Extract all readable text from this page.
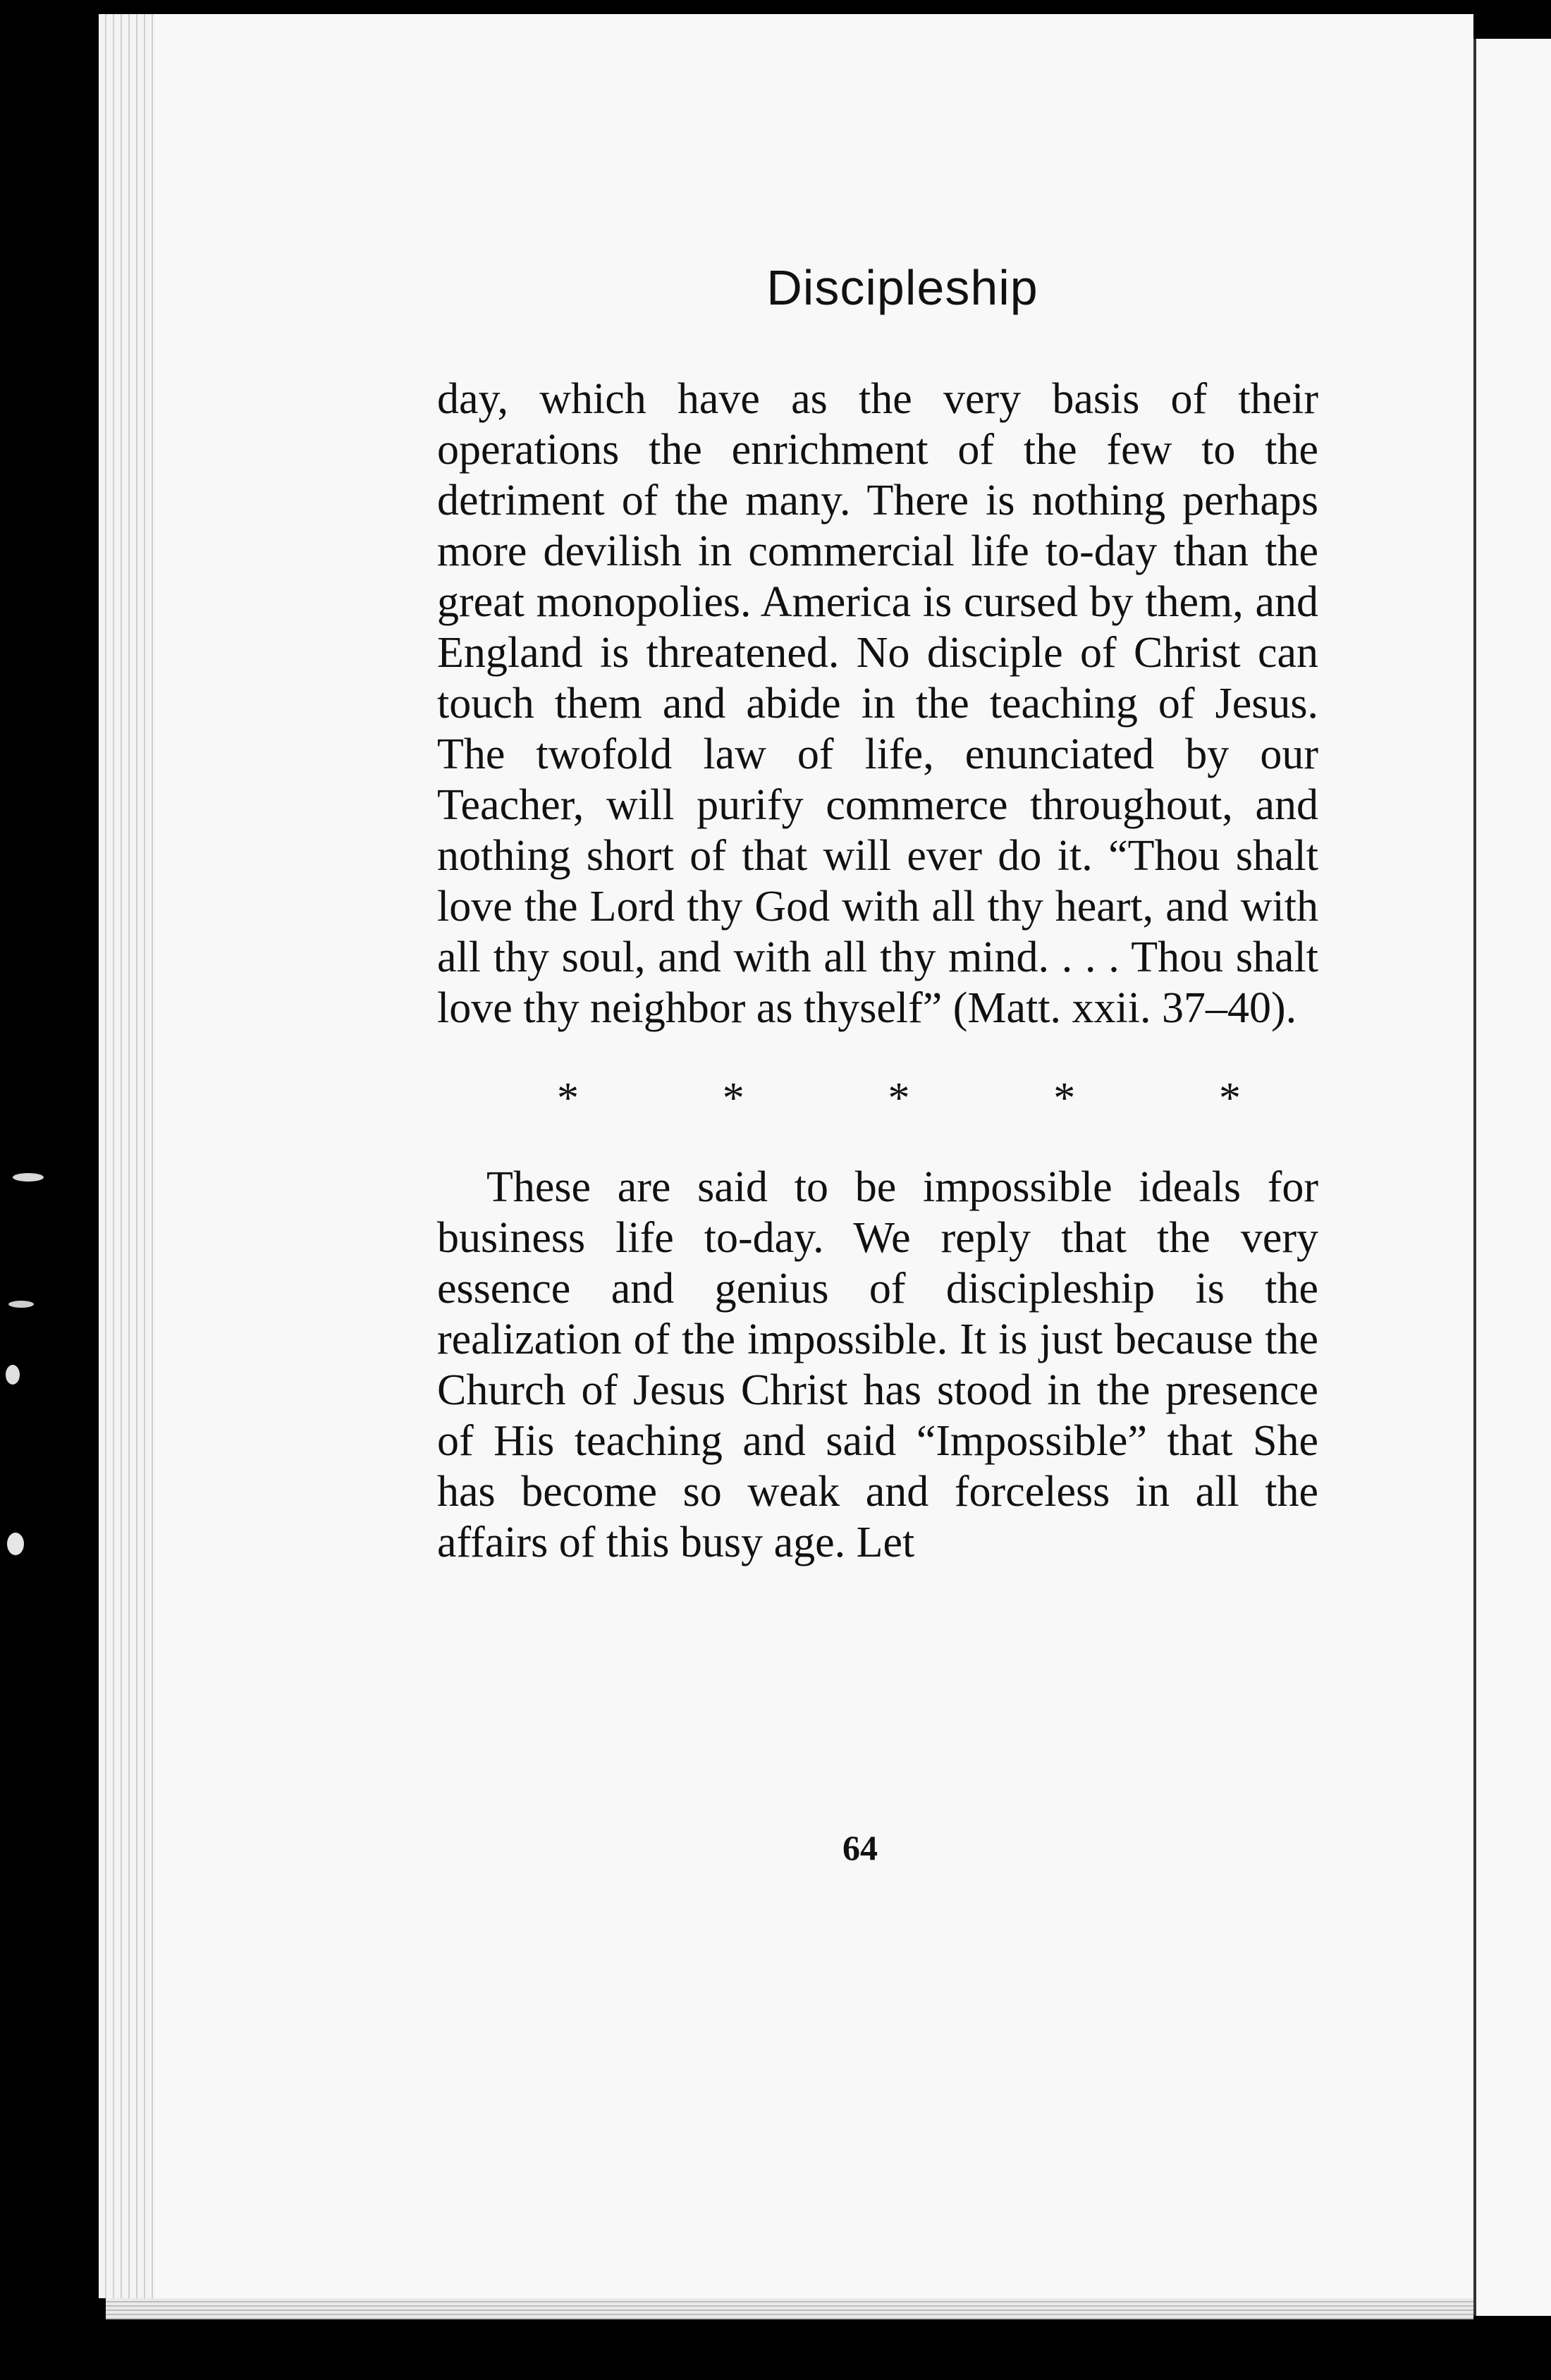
Discipleship

day, which have as the very basis of their operations the enrichment of the few to the detriment of the many. There is nothing perhaps more devilish in commercial life to-day than the great monopolies. America is cursed by them, and England is threatened. No disciple of Christ can touch them and abide in the teaching of Jesus. The twofold law of life, enunciated by our Teacher, will purify commerce throughout, and nothing short of that will ever do it. “Thou shalt love the Lord thy God with all thy heart, and with all thy soul, and with all thy mind. . . . Thou shalt love thy neighbor as thyself” (Matt. xxii. 37–40).

*	*	*	*	*

These are said to be impossible ideals for business life to-day. We reply that the very essence and genius of discipleship is the realization of the impossible. It is just because the Church of Jesus Christ has stood in the presence of His teaching and said “Impossible” that She has become so weak and forceless in all the affairs of this busy age. Let

64
